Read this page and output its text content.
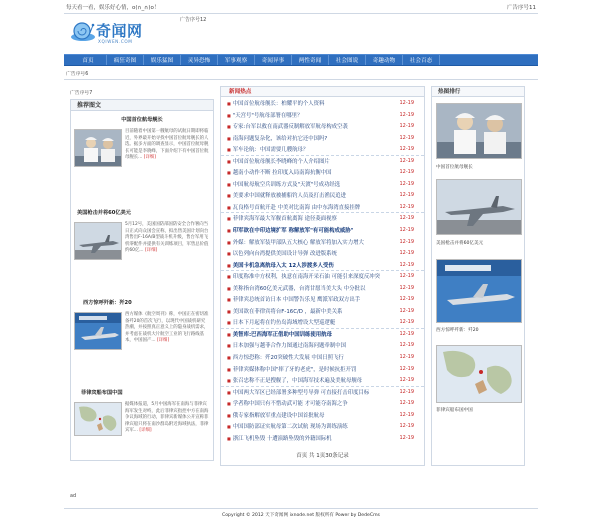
每天看一看，娱乐好心情，o(∩_∩)o！	广告序号11
奇闻网
XQIWEN.COM
广告序号12
首页	疯狂奇图	娱乐猛图	灵异恐怖	军事观察	奇闻异事	两性奇闻	社会图说	奇趣动物	社会百态
广告序号6
广告序号7
推荐图文
中国首位航母舰长
目前随着中国第一艘航母的试航日期即将临近，外界最开始寻找中国首位航母舰长的人选。据多方面的调查显示，中国首位航母舰长可能是李晓峰，下面介绍下有中国首位航母舰长... [详细]
美国枪击并将60亿美元
5月12号，美国国防部国防安全合作署向当日正式向众国会宣称，拟出售美国计划向台湾售出F-16A/B型战斗机升级，售台军用飞机零配件并提供有关训练项目，军售总价值约60亿... [详细]
西方惊呼歼新：歼20
西方媒体《航空周刊》称，中国正在密切准备歼20的首次飞行，以现代中国战机研究热潮，并按照真正意义上的隐身战机需求，并考虑在战机大片航空工业的飞行路线基本，中国国产... [详细]
菲律宾船布国中国
据媒体报道，5月中国海军在南海与菲律宾海军发生对峙，此后菲律宾指控中方在南海争议海域的行动，菲律宾新媒体公开宣称菲律宾船只将在南沙群岛附近海域执法，菲律宾军... [详细]
新闻热点
■ 中国首位航母舰长：柏耀平的个人资料	12-19
■ "天宫号"号航母部署在哪里？	12-19
■ 专家:台军以救在南武器反制解放军航母构成空袭	12-19
■ 南海问题复杂化，该给对抗它还中国吗?	12-19
■ 军车论航：中国需要几艘航母？	12-19
■ 中国首位航母舰长李晓峰的个人介绍图片	12-19
■ 越南小动作不断 拉印度入局南海抗衡中国	12-19
■ 中国航母航空兵训练方式及"天渡"号成功经选	12-19
■ 美要求中国就释放被捕船钓人员及打击渔民追进	12-19
■ 瓦良格号首航开赴 中美对比南海 由中东海湾直接挂牌	12-19
■ 菲律宾海军最大军舰首航离海 途径菱面视察	12-19
■ 印军欲在中印边境扩军 称解放军"有可能构成威胁"	12-19
■ 外媒：解放军装甲部队五大核心 解放军将加入实力增大	12-19
■ 以色列向台湾提供美国设计导弹 改进版系统	12-19
■ 美国卡机急离航母入太 12人涉渡多人受伤	12-19
■ 印度称准中方权利，执意在南海开采石油 可能引来深度反冲突	12-19
■ 美称指台湾60亿美元武器，台湾甘愿当美大头 中分批以	12-19
■ 菲律宾总统首访日本 中国警告乐见 鹰派军政双方出手	12-19
■ 美国欲在菲律宾将台F-16C/D ，最新中美关系	12-19
■ 日本下月起将在钓鱼岛海域增设大型巡逻艇	12-19
■ 美智库:巴西海军正借助中国训练使用航母	12-19
■ 日本加强与越菲合作力图通过南海问题牵制中国	12-19
■ 西方惊恐称：歼20突破性大发展 中国日照飞行	12-19
■ 菲律宾媒体称中国"摔了牙的老虎"，是时候抗拒开罚	12-19
■ 张召忠称不正是搜舰了，中国海军技术遍及美航母舰母	12-19
■ 中国两大军区已经部署多种型号导弹 可直接打击印度目标	12-19
■ 学者称中国只有不惜动武可能 才可能夺南海之争	12-19
■ 俄专家指解放军重点建设中国首批航母	12-19
■ 中国国防部证实航母第二次试航 现场为训练演练	12-19
■ 浙江飞机坠毁 十遭演路坠毁的外籍国际机	12-19
首页 共 1页30条记录
热图排行
中国首位航母舰长
美国枪击并将60亿美元
西方惊呼歼新：歼20
菲律宾船布国中国
ad
Copyright © 2012 天下奇闻网 ixnode.net 版权所有 Power by DedeCms
